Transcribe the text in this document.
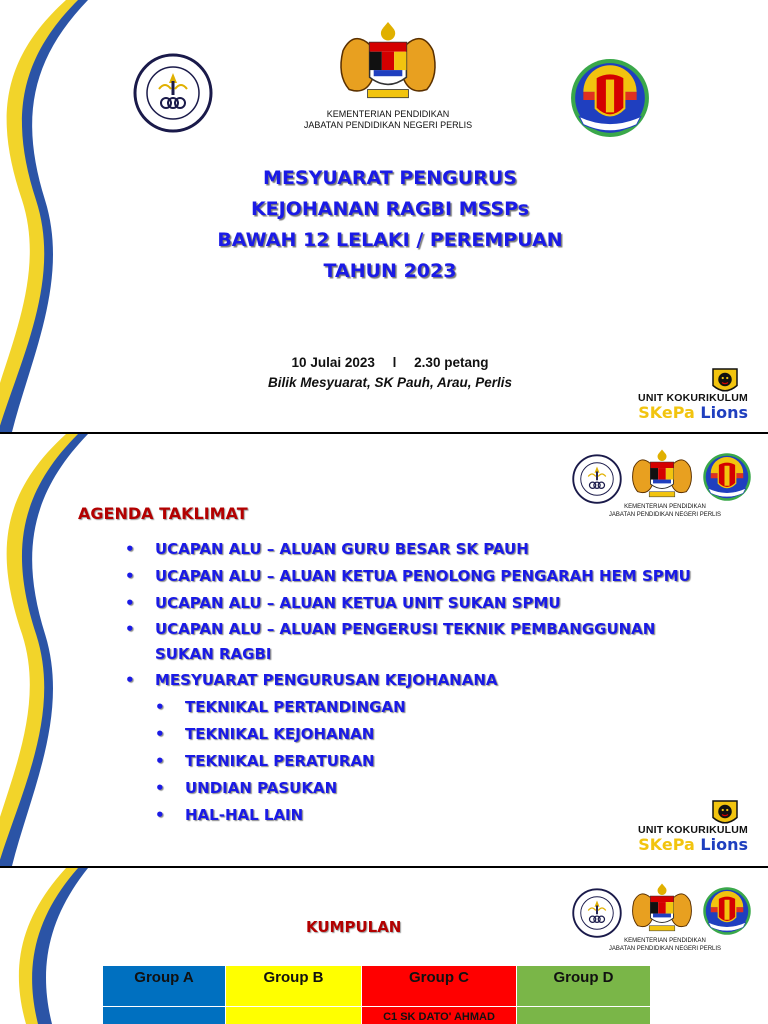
KEMENTERIAN PENDIDIKAN
JABATAN PENDIDIKAN NEGERI PERLIS
MESYUARAT PENGURUS
KEJOHANAN RAGBI MSSPs
BAWAH 12 LELAKI / PEREMPUAN
TAHUN 2023
10 Julai 2023 l 2.30 petang
Bilik Mesyuarat, SK Pauh, Arau, Perlis
UNIT KOKURIKULUM
SKePa Lions
KEMENTERIAN PENDIDIKAN
JABATAN PENDIDIKAN NEGERI PERLIS
AGENDA TAKLIMAT
• UCAPAN ALU – ALUAN GURU BESAR SK PAUH
• UCAPAN ALU – ALUAN KETUA PENOLONG PENGARAH HEM SPMU
• UCAPAN ALU – ALUAN KETUA UNIT SUKAN SPMU
• UCAPAN ALU – ALUAN PENGERUSI TEKNIK PEMBANGGUNAN SUKAN RAGBI
• MESYUARAT PENGURUSAN KEJOHANANA
• TEKNIKAL PERTANDINGAN
• TEKNIKAL KEJOHANAN
• TEKNIKAL PERATURAN
• UNDIAN PASUKAN
• HAL-HAL LAIN
UNIT KOKURIKULUM
SKePa Lions
KEMENTERIAN PENDIDIKAN
JABATAN PENDIDIKAN NEGERI PERLIS
KUMPULAN
Group A	Group B	Group C	Group D
		C1 SK DATO' AHMAD	
